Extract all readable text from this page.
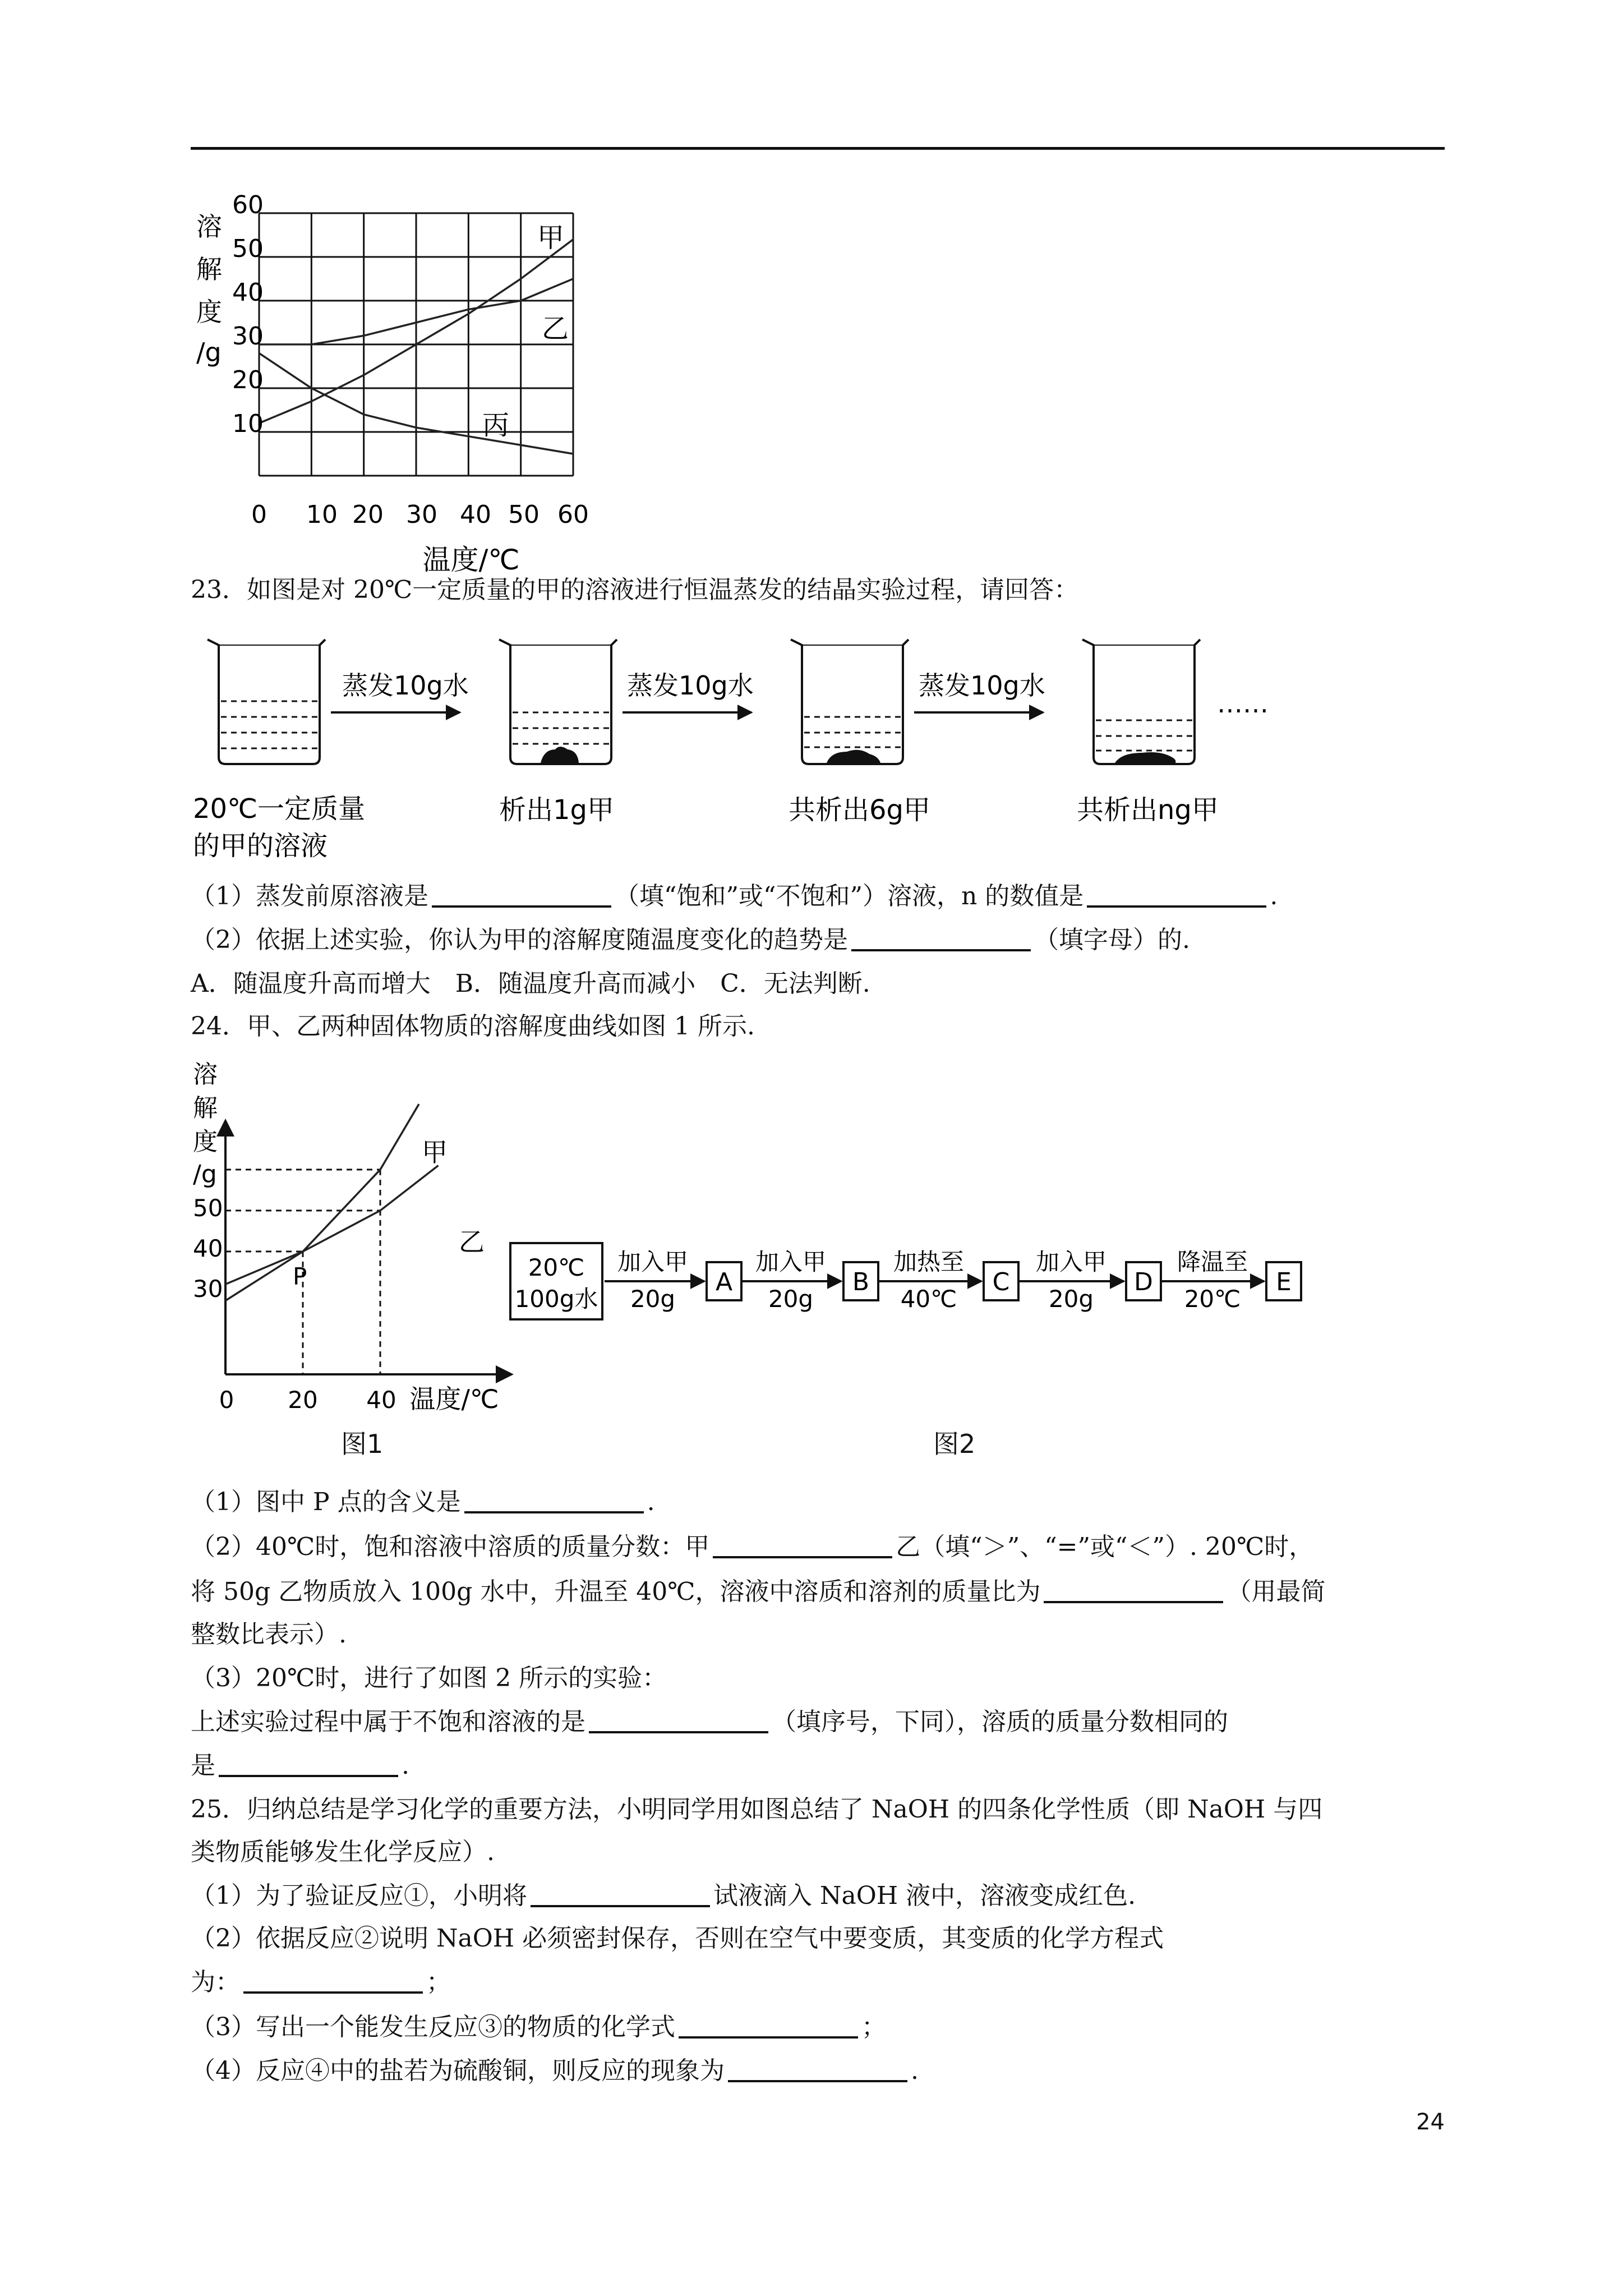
溶
解
度
/g
60
50
40
30
20
10
0 10 20 30 40 50 60
温度/℃
甲
乙
丙
23．如图是对 20℃一定质量的甲的溶液进行恒温蒸发的结晶实验过程，请回答：
蒸发10g水	蒸发10g水	蒸发10g水
……
20℃一定质量
的甲的溶液
析出1g甲	共析出6g甲	共析出ng甲
（1）蒸发前原溶液是	（填“饱和”或“不饱和”）溶液，n 的数值是	.
（2）依据上述实验，你认为甲的溶解度随温度变化的趋势是	（填字母）的.
A．随温度升高而增大　B．随温度升高而减小　C．无法判断.
24．甲、乙两种固体物质的溶解度曲线如图 1 所示.
溶
解
度
/g
50
40
30
0 20 40 温度/℃
甲
乙
P
图1
20℃
100g水
加入甲
20g
A
加入甲
20g
B
加热至
40℃
C
加入甲
20g
D
降温至
20℃
E
图2
（1）图中 P 点的含义是	.
（2）40℃时，饱和溶液中溶质的质量分数：甲	乙（填“＞”、“=”或“＜”）. 20℃时，
将 50g 乙物质放入 100g 水中，升温至 40℃，溶液中溶质和溶剂的质量比为	（用最简
整数比表示）.
（3）20℃时，进行了如图 2 所示的实验：
上述实验过程中属于不饱和溶液的是	（填序号，下同），溶质的质量分数相同的
是	.
25．归纳总结是学习化学的重要方法，小明同学用如图总结了 NaOH 的四条化学性质（即 NaOH 与四
类物质能够发生化学反应）.
（1）为了验证反应①，小明将	试液滴入 NaOH 液中，溶液变成红色.
（2）依据反应②说明 NaOH 必须密封保存，否则在空气中要变质，其变质的化学方程式
为：	；
（3）写出一个能发生反应③的物质的化学式	；
（4）反应④中的盐若为硫酸铜，则反应的现象为	.
24
